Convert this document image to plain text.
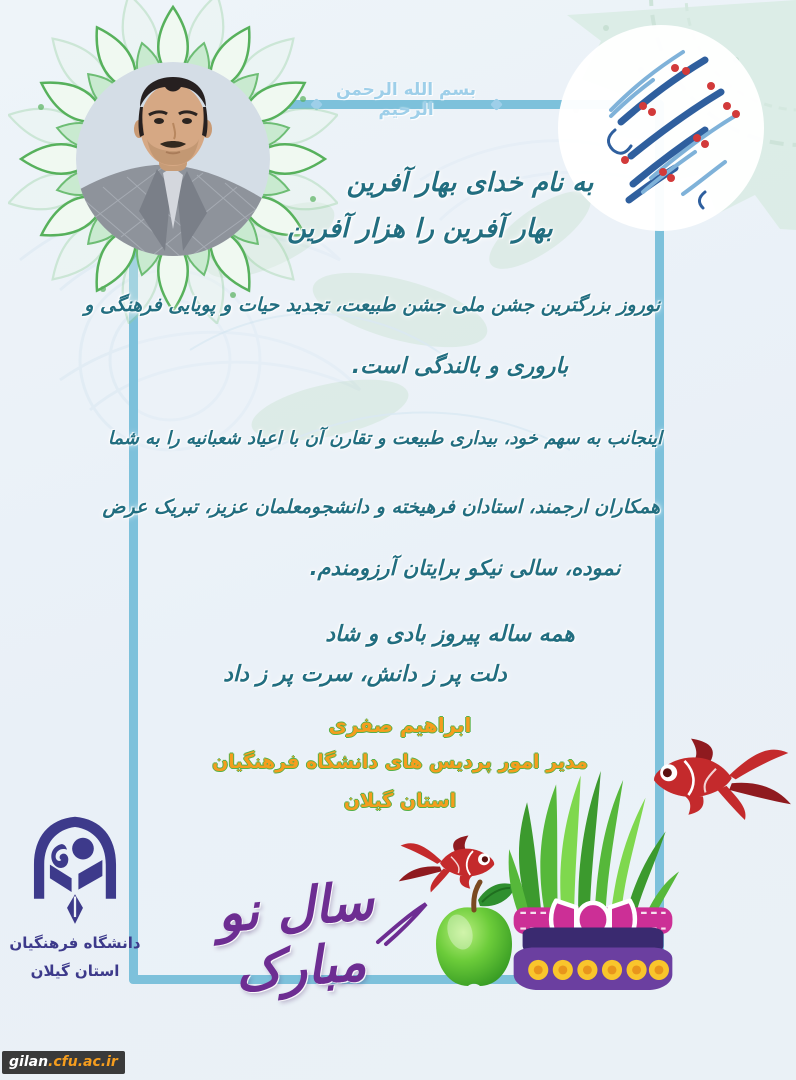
بسم الله الرحمن الرحیم
به نام خدای بهار آفرین
بهار آفرین را هزار آفرین
نوروز بزرگترین جشن ملی جشن طبیعت، تجدید حیات و پویایی فرهنگی و
باروری و بالندگی است.
اینجانب به سهم خود، بیداری طبیعت و تقارن آن با اعیاد شعبانیه را به شما
همکاران ارجمند، استادان فرهیخته و دانشجومعلمان عزیز، تبریک عرض
نموده، سالی نیکو برایتان آرزومندم.
همه ساله پیروز بادی و شاد
دلت پر ز دانش، سرت پر ز داد
ابراهیم صفری
مدیر امور پردیس های دانشگاه فرهنگیان
استان گیلان
دانشگاه فرهنگیان
استان گیلان
سال نو مبارک
gilan.cfu.ac.ir
